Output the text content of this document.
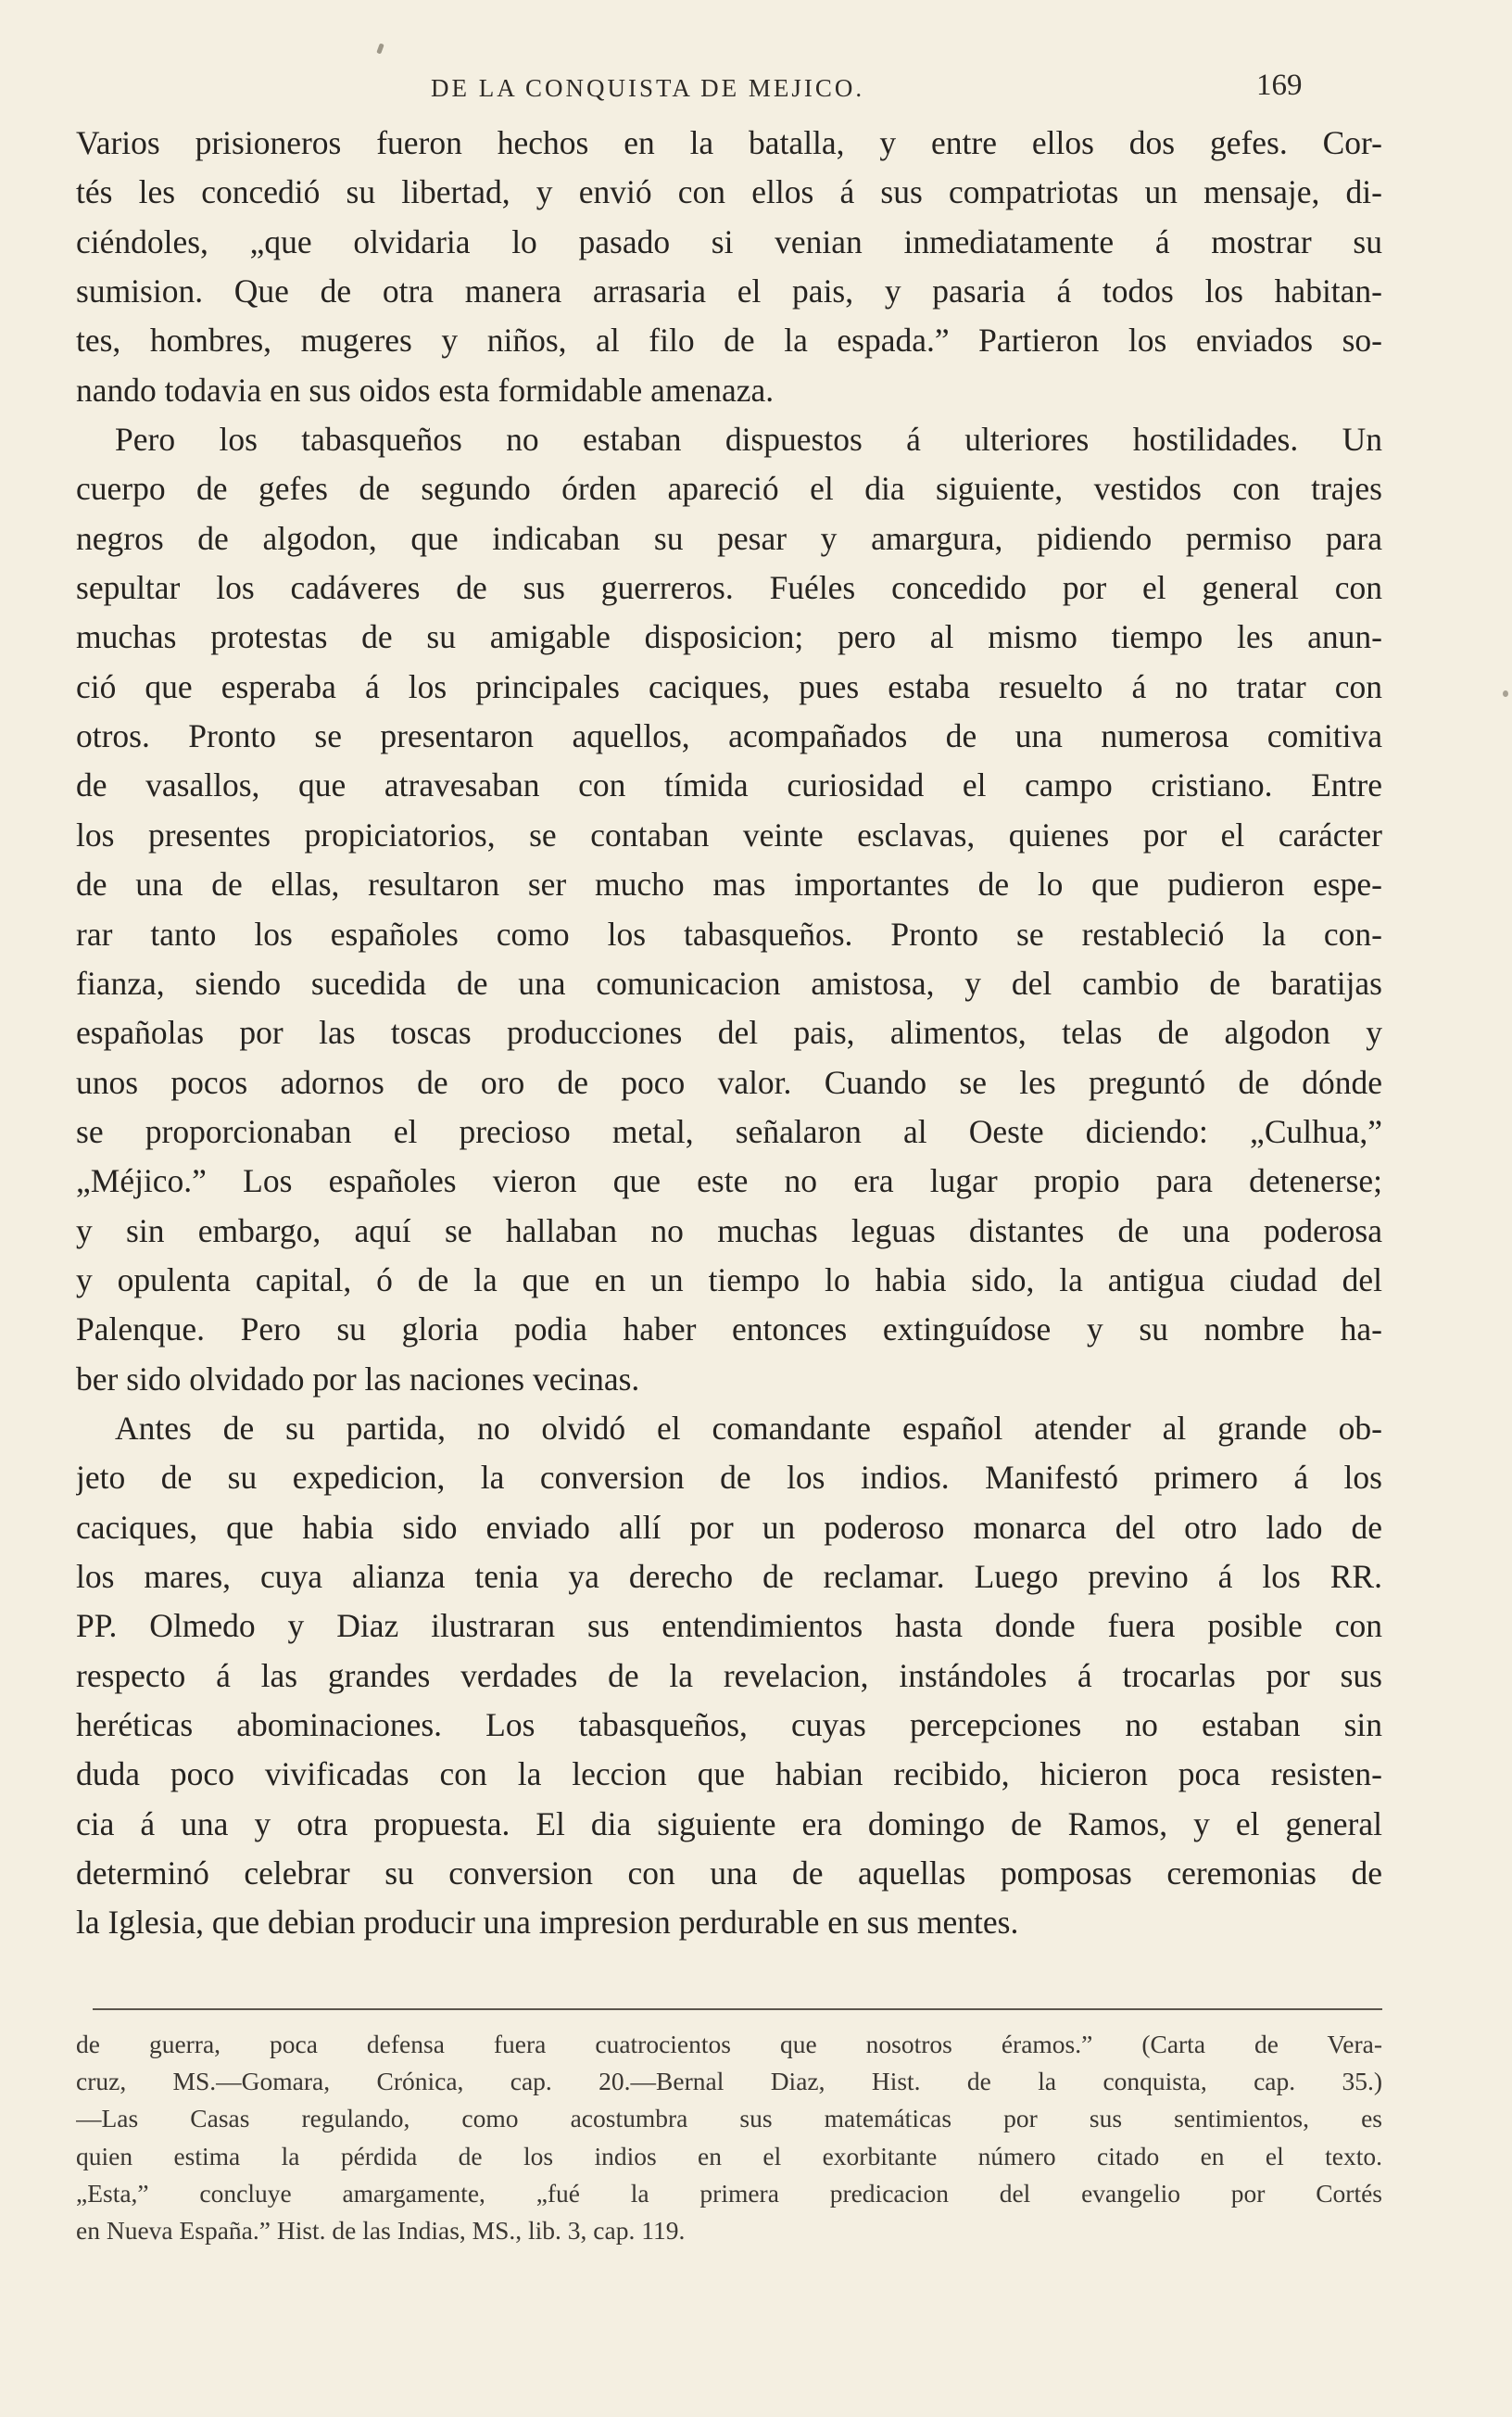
DE LA CONQUISTA DE MEJICO.	169
Varios prisioneros fueron hechos en la batalla, y entre ellos dos gefes. Cor-
tés les concedió su libertad, y envió con ellos á sus compatriotas un mensaje, di-
ciéndoles, „que olvidaria lo pasado si venian inmediatamente á mostrar su
sumision. Que de otra manera arrasaria el pais, y pasaria á todos los habitan-
tes, hombres, mugeres y niños, al filo de la espada.” Partieron los enviados so-
nando todavia en sus oidos esta formidable amenaza.
Pero los tabasqueños no estaban dispuestos á ulteriores hostilidades. Un
cuerpo de gefes de segundo órden apareció el dia siguiente, vestidos con trajes
negros de algodon, que indicaban su pesar y amargura, pidiendo permiso para
sepultar los cadáveres de sus guerreros. Fuéles concedido por el general con
muchas protestas de su amigable disposicion; pero al mismo tiempo les anun-
ció que esperaba á los principales caciques, pues estaba resuelto á no tratar con
otros. Pronto se presentaron aquellos, acompañados de una numerosa comitiva
de vasallos, que atravesaban con tímida curiosidad el campo cristiano. Entre
los presentes propiciatorios, se contaban veinte esclavas, quienes por el carácter
de una de ellas, resultaron ser mucho mas importantes de lo que pudieron espe-
rar tanto los españoles como los tabasqueños. Pronto se restableció la con-
fianza, siendo sucedida de una comunicacion amistosa, y del cambio de baratijas
españolas por las toscas producciones del pais, alimentos, telas de algodon y
unos pocos adornos de oro de poco valor. Cuando se les preguntó de dónde
se proporcionaban el precioso metal, señalaron al Oeste diciendo: „Culhua,”
„Méjico.” Los españoles vieron que este no era lugar propio para detenerse;
y sin embargo, aquí se hallaban no muchas leguas distantes de una poderosa
y opulenta capital, ó de la que en un tiempo lo habia sido, la antigua ciudad del
Palenque. Pero su gloria podia haber entonces extinguídose y su nombre ha-
ber sido olvidado por las naciones vecinas.
Antes de su partida, no olvidó el comandante español atender al grande ob-
jeto de su expedicion, la conversion de los indios. Manifestó primero á los
caciques, que habia sido enviado allí por un poderoso monarca del otro lado de
los mares, cuya alianza tenia ya derecho de reclamar. Luego previno á los RR.
PP. Olmedo y Diaz ilustraran sus entendimientos hasta donde fuera posible con
respecto á las grandes verdades de la revelacion, instándoles á trocarlas por sus
heréticas abominaciones. Los tabasqueños, cuyas percepciones no estaban sin
duda poco vivificadas con la leccion que habian recibido, hicieron poca resisten-
cia á una y otra propuesta. El dia siguiente era domingo de Ramos, y el general
determinó celebrar su conversion con una de aquellas pomposas ceremonias de
la Iglesia, que debian producir una impresion perdurable en sus mentes.
de guerra, poca defensa fuera cuatrocientos que nosotros éramos.” (Carta de Vera-
cruz, MS.—Gomara, Crónica, cap. 20.—Bernal Diaz, Hist. de la conquista, cap. 35.)
—Las Casas regulando, como acostumbra sus matemáticas por sus sentimientos, es
quien estima la pérdida de los indios en el exorbitante número citado en el texto.
„Esta,” concluye amargamente, „fué la primera predicacion del evangelio por Cortés
en Nueva España.” Hist. de las Indias, MS., lib. 3, cap. 119.
